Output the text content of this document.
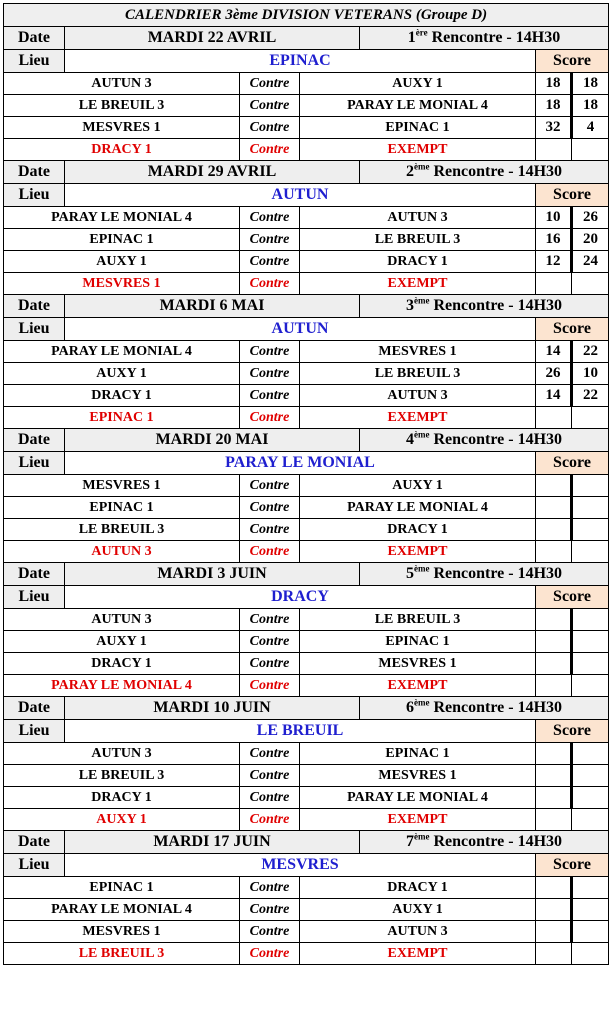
CALENDRIER 3ème DIVISION VETERANS (Groupe D)						
Date	MARDI 22 AVRIL			1ère Rencontre - 14H30		
Lieu	EPINAC				Score	
AUTUN 3		Contre	AUXY 1		18	18
LE BREUIL 3		Contre	PARAY LE MONIAL 4		18	18
MESVRES 1		Contre	EPINAC 1		32	4
DRACY 1		Contre	EXEMPT			
Date	MARDI 29 AVRIL			2ème Rencontre - 14H30		
Lieu	AUTUN				Score	
PARAY LE MONIAL 4		Contre	AUTUN 3		10	26
EPINAC 1		Contre	LE BREUIL 3		16	20
AUXY 1		Contre	DRACY 1		12	24
MESVRES 1		Contre	EXEMPT			
Date	MARDI 6 MAI			3ème Rencontre - 14H30		
Lieu	AUTUN				Score	
PARAY LE MONIAL 4		Contre	MESVRES 1		14	22
AUXY 1		Contre	LE BREUIL 3		26	10
DRACY 1		Contre	AUTUN 3		14	22
EPINAC 1		Contre	EXEMPT			
Date	MARDI 20 MAI			4ème Rencontre - 14H30		
Lieu	PARAY LE MONIAL				Score	
MESVRES 1		Contre	AUXY 1			
EPINAC 1		Contre	PARAY LE MONIAL 4			
LE BREUIL 3		Contre	DRACY 1			
AUTUN 3		Contre	EXEMPT			
Date	MARDI 3 JUIN			5ème Rencontre - 14H30		
Lieu	DRACY				Score	
AUTUN 3		Contre	LE BREUIL 3			
AUXY 1		Contre	EPINAC 1			
DRACY 1		Contre	MESVRES 1			
PARAY LE MONIAL 4		Contre	EXEMPT			
Date	MARDI 10 JUIN			6ème Rencontre - 14H30		
Lieu	LE BREUIL				Score	
AUTUN 3		Contre	EPINAC 1			
LE BREUIL 3		Contre	MESVRES 1			
DRACY 1		Contre	PARAY LE MONIAL 4			
AUXY 1		Contre	EXEMPT			
Date	MARDI 17 JUIN			7ème Rencontre - 14H30		
Lieu	MESVRES				Score	
EPINAC 1		Contre	DRACY 1			
PARAY LE MONIAL 4		Contre	AUXY 1			
MESVRES 1		Contre	AUTUN 3			
LE BREUIL 3		Contre	EXEMPT			
